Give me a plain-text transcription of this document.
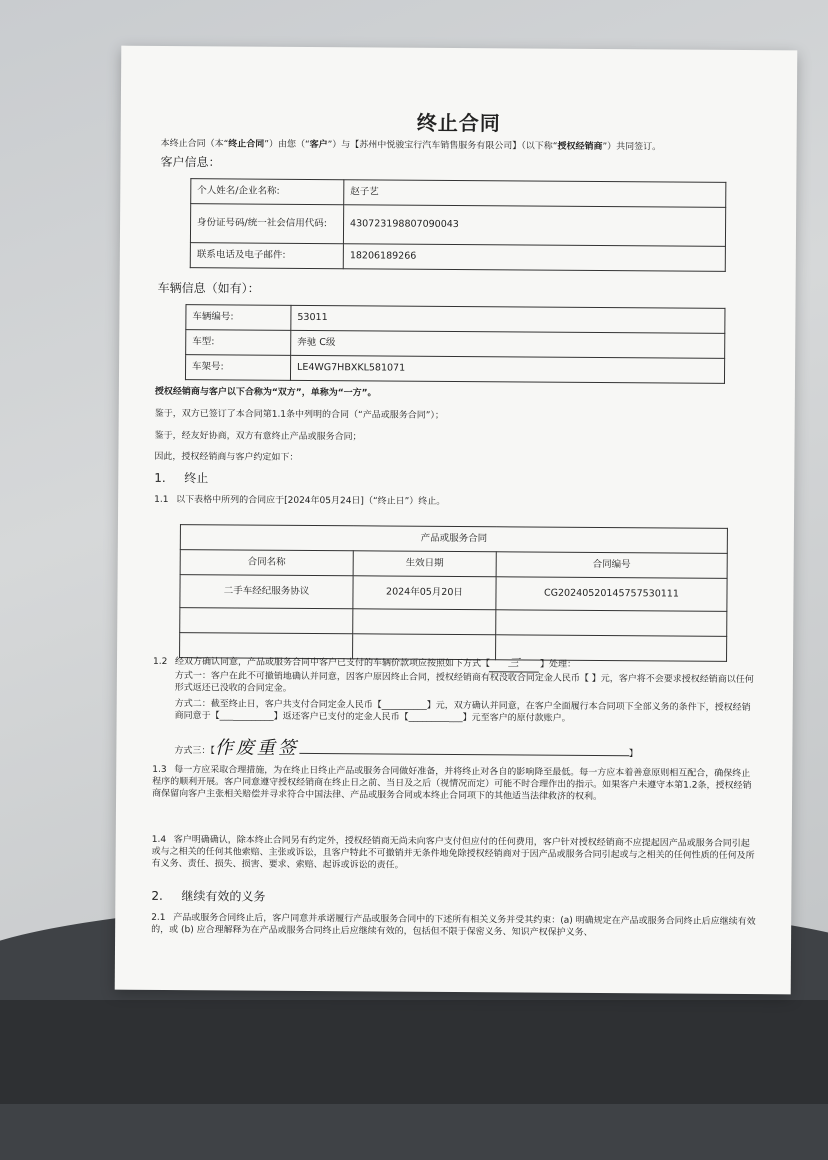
终止合同
本终止合同（本“终止合同”）由您（“客户”）与【苏州中悦骏宝行汽车销售服务有限公司】（以下称“授权经销商”）共同签订。
客户信息：
个人姓名/企业名称:	赵子艺
身份证号码/统一社会信用代码:	430723198807090043
联系电话及电子邮件:	18206189266
车辆信息（如有）：
车辆编号:	53011
车型:	奔驰 C级
车架号:	LE4WG7HBXKL581071
授权经销商与客户以下合称为“双方”，单称为“一方”。
鉴于，双方已签订了本合同第1.1条中列明的合同（“产品或服务合同”）；
鉴于，经友好协商，双方有意终止产品或服务合同；
因此，授权经销商与客户约定如下：
1. 终止
1.1 以下表格中所列的合同应于[2024年05月24日]（“终止日”）终止。
产品或服务合同		
合同名称	生效日期	合同编号
二手车经纪服务协议	2024年05月20日	CG20240520145757530111

1.2 经双方确认同意，产品或服务合同中客户已支付的车辆价款项应按照如下方式【 三 】处理：
方式一：客户在此不可撤销地确认并同意，因客户原因终止合同，授权经销商有权没收合同定金人民币【 】元，客户将不会要求授权经销商以任何形式返还已没收的合同定金。
方式二：截至终止日，客户共支付合同定金人民币【__________】元，双方确认并同意，在客户全面履行本合同项下全部义务的条件下，授权经销商同意于【____________】返还客户已支付的定金人民币【____________】元至客户的原付款账户。
方式三：【作废重签	】
1.3 每一方应采取合理措施，为在终止日终止产品或服务合同做好准备，并将终止对各自的影响降至最低。每一方应本着善意原则相互配合，确保终止程序的顺利开展。客户同意遵守授权经销商在终止日之前、当日及之后（视情况而定）可能不时合理作出的指示。如果客户未遵守本第1.2条，授权经销商保留向客户主张相关赔偿并寻求符合中国法律、产品或服务合同或本终止合同项下的其他适当法律救济的权利。
1.4 客户明确确认，除本终止合同另有约定外，授权经销商无尚未向客户支付但应付的任何费用，客户针对授权经销商不应提起因产品或服务合同引起或与之相关的任何其他索赔、主张或诉讼，且客户特此不可撤销并无条件地免除授权经销商对于因产品或服务合同引起或与之相关的任何性质的任何及所有义务、责任、损失、损害、要求、索赔、起诉或诉讼的责任。
2. 继续有效的义务
2.1 产品或服务合同终止后，客户同意并承诺履行产品或服务合同中的下述所有相关义务并受其约束：(a) 明确规定在产品或服务合同终止后应继续有效的，或 (b) 应合理解释为在产品或服务合同终止后应继续有效的，包括但不限于保密义务、知识产权保护义务、
